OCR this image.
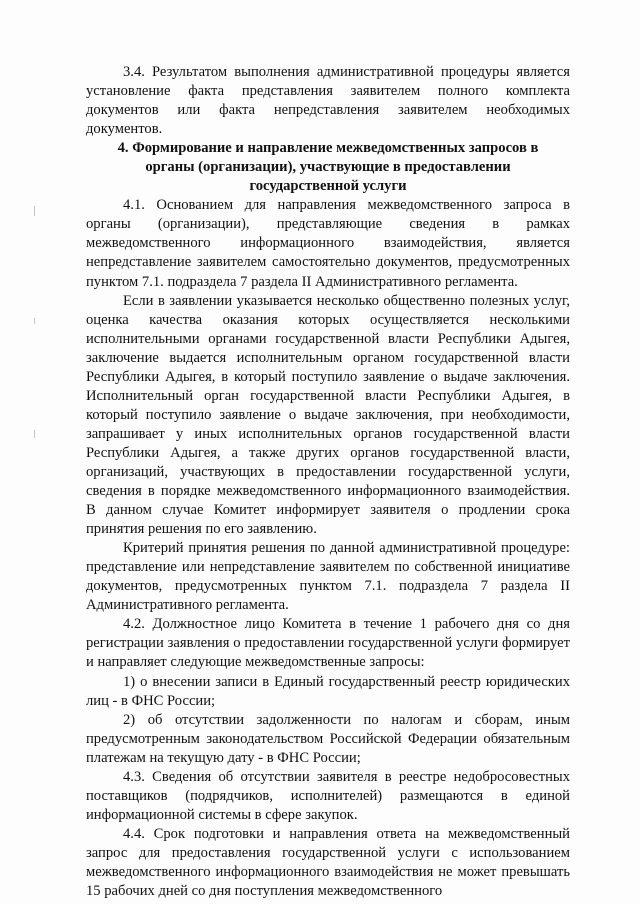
3.4. Результатом выполнения административной процедуры является установление факта представления заявителем полного комплекта документов или факта непредставления заявителем необходимых документов.

4. Формирование и направление межведомственных запросов в органы (организации), участвующие в предоставлении государственной услуги

4.1. Основанием для направления межведомственного запроса в органы (организации), представляющие сведения в рамках межведомственного информационного взаимодействия, является непредставление заявителем самостоятельно документов, предусмотренных пунктом 7.1. подраздела 7 раздела II Административного регламента.

Если в заявлении указывается несколько общественно полезных услуг, оценка качества оказания которых осуществляется несколькими исполнительными органами государственной власти Республики Адыгея, заключение выдается исполнительным органом государственной власти Республики Адыгея, в который поступило заявление о выдаче заключения. Исполнительный орган государственной власти Республики Адыгея, в который поступило заявление о выдаче заключения, при необходимости, запрашивает у иных исполнительных органов государственной власти Республики Адыгея, а также других органов государственной власти, организаций, участвующих в предоставлении государственной услуги, сведения в порядке межведомственного информационного взаимодействия. В данном случае Комитет информирует заявителя о продлении срока принятия решения по его заявлению.

Критерий принятия решения по данной административной процедуре: представление или непредставление заявителем по собственной инициативе документов, предусмотренных пунктом 7.1. подраздела 7 раздела II Административного регламента.

4.2. Должностное лицо Комитета в течение 1 рабочего дня со дня регистрации заявления о предоставлении государственной услуги формирует и направляет следующие межведомственные запросы:

1) о внесении записи в Единый государственный реестр юридических лиц - в ФНС России;

2) об отсутствии задолженности по налогам и сборам, иным предусмотренным законодательством Российской Федерации обязательным платежам на текущую дату - в ФНС России;

4.3. Сведения об отсутствии заявителя в реестре недобросовестных поставщиков (подрядчиков, исполнителей) размещаются в единой информационной системы в сфере закупок.

4.4. Срок подготовки и направления ответа на межведомственный запрос для предоставления государственной услуги с использованием межведомственного информационного взаимодействия не может превышать 15 рабочих дней со дня поступления межведомственного
